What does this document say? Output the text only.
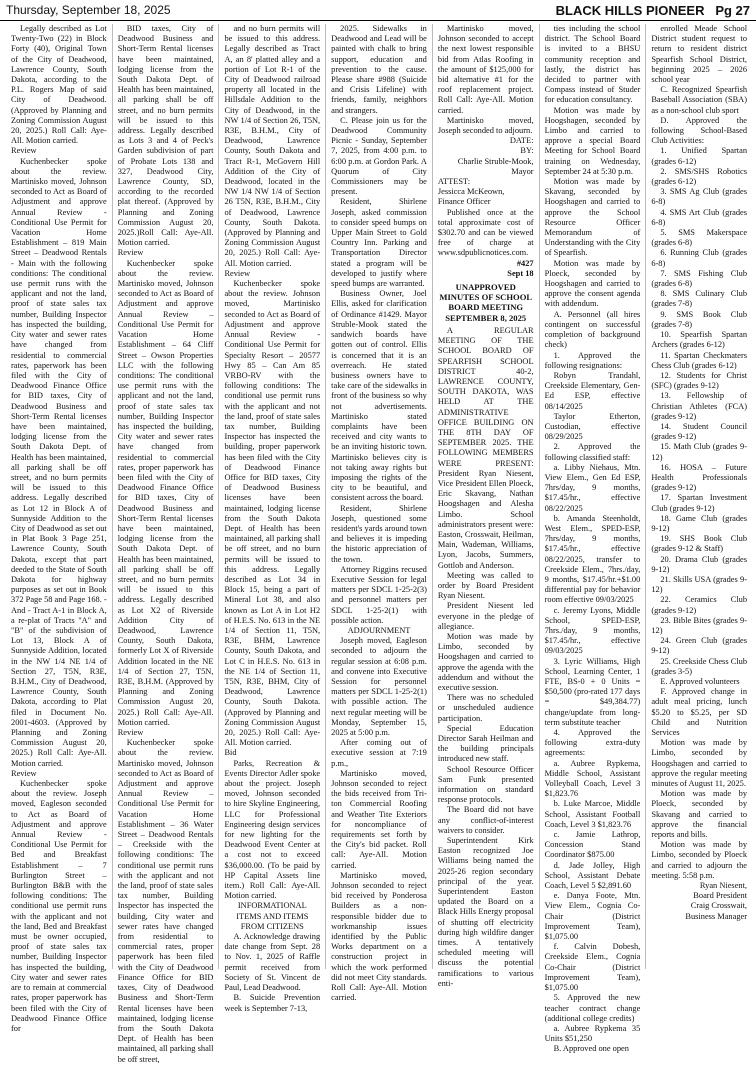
Thursday, September 18, 2025	BLACK HILLS PIONEER Pg 27

Legally described as Lot Twenty-Two (22) in Block Forty (40), Original Town of the City of Deadwood, Lawrence County, South Dakota, according to the P.L. Rogers Map of said City of Deadwood. (Approved by Planning and Zoning Commission August 20, 2025.) Roll Call: Aye-All. Motion carried.

Review

Kuchenbecker spoke about the review. Martinisko moved, Johnson seconded to Act as Board of Adjustment and approve Annual Review - Conditional Use Permit for Vacation Home Establishment – 819 Main Street – Deadwood Rentals - Main with the following conditions: The conditional use permit runs with the applicant and not the land, proof of state sales tax number, Building Inspector has inspected the building, City water and sewer rates have changed from residential to commercial rates, paperwork has been filed with the City of Deadwood Finance Office for BID taxes, City of Deadwood Business and Short-Term Rental licenses have been maintained, lodging license from the South Dakota Dept. of Health has been maintained, all parking shall be off street, and no burn permits will be issued to this address. Legally described as Lot 12 in Block A of Sunnyside Addition to the City of Deadwood as set out in Plat Book 3 Page 251, Lawrence County, South Dakota, except that part deeded to the State of South Dakota for highway purposes as set out in Book 372 Page 58 and Page 168. - And - Tract A-1 in Block A, a re-plat of Tracts "A" and "B" of the subdivision of Lot 13, Block A of Sunnyside Addition, located in the NW 1/4 NE 1/4 of Section 27, T5N, R3E, B.H.M., City of Deadwood, Lawrence County, South Dakota, according to Plat filed in Document No. 2001-4603. (Approved by Planning and Zoning Commission August 20, 2025.) Roll Call: Aye-All. Motion carried.

Review

Kuchenbecker spoke about the review. Joseph moved, Eagleson seconded to Act as Board of Adjustment and approve Annual Review - Conditional Use Permit for Bed and Breakfast Establishment – 7 Burlington Street – Burlington B&B with the following conditions: The conditional use permit runs with the applicant and not the land, Bed and Breakfast must be owner occupied, proof of state sales tax number, Building Inspector has inspected the building, City water and sewer rates are to remain at commercial rates, proper paperwork has been filed with the City of Deadwood Finance Office for

BID taxes, City of Deadwood Business and Short-Term Rental licenses have been maintained, lodging license from the South Dakota Dept. of Health has been maintained, all parking shall be off street, and no burn permits will be issued to this address. Legally described as Lots 3 and 4 of Peck's Garden subdivision of part of Probate Lots 138 and 327, Deadwood City, Lawrence County, SD, according to the recorded plat thereof. (Approved by Planning and Zoning Commission August 20, 2025.)Roll Call: Aye-All. Motion carried.

Review

Kuchenbecker spoke about the review. Martinisko moved, Johnson seconded to Act as Board of Adjustment and approve Annual Review – Conditional Use Permit for Vacation Home Establishment – 64 Cliff Street – Owson Properties LLC with the following conditions: The conditional use permit runs with the applicant and not the land, proof of state sales tax number, Building Inspector has inspected the building, City water and sewer rates have changed from residential to commercial rates, proper paperwork has been filed with the City of Deadwood Finance Office for BID taxes, City of Deadwood Business and Short-Term Rental licenses have been maintained, lodging license from the South Dakota Dept. of Health has been maintained, all parking shall be off street, and no burn permits will be issued to this address. Legally described as Lot X2 of Riverside Addition City of Deadwood, Lawrence County, South Dakota, formerly Lot X of Riverside Addition located in the NE 1/4 of Section 27, T5N, R3E, B.H.M. (Approved by Planning and Zoning Commission August 20, 2025.) Roll Call: Aye-All. Motion carried.

Review

Kuchenbecker spoke about the review. Martinisko moved, Johnson seconded to Act as Board of Adjustment and approve Annual Review – Conditional Use Permit for Vacation Home Establishment – 36 Water Street – Deadwood Rentals – Creekside with the following conditions: The conditional use permit runs with the applicant and not the land, proof of state sales tax number, Building Inspector has inspected the building, City water and sewer rates have changed from residential to commercial rates, proper paperwork has been filed with the City of Deadwood Finance Office for BID taxes, City of Deadwood Business and Short-Term Rental licenses have been maintained, lodging license from the South Dakota Dept. of Health has been maintained, all parking shall be off street,

and no burn permits will be issued to this address. Legally described as Tract A, an 8' platted alley and a portion of Lot R-1 of the City of Deadwood railroad property all located in the Hillsdale Addition to the City of Deadwood, in the NW 1/4 of Section 26, T5N, R3E, B.H.M., City of Deadwood, Lawrence County, South Dakota and Tract R-1, McGovern Hill Addition of the City of Deadwood, located in the NW 1/4 NW 1/4 of Section 26 T5N, R3E, B.H.M., City of Deadwood, Lawrence County, South Dakota. (Approved by Planning and Zoning Commission August 20, 2025.) Roll Call: Aye-All. Motion carried.

Review

Kuchenbecker spoke about the review. Johnson moved, Martinisko seconded to Act as Board of Adjustment and approve Annual Review - Conditional Use Permit for Specialty Resort – 20577 Hwy 85 – Can Am 85 VRBO-RV with the following conditions: The conditional use permit runs with the applicant and not the land, proof of state sales tax number, Building Inspector has inspected the building, proper paperwork has been filed with the City of Deadwood Finance Office for BID taxes, City of Deadwood Business licenses have been maintained, lodging license from the South Dakota Dept. of Health has been maintained, all parking shall be off street, and no burn permits will be issued to this address. Legally described as Lot 34 in Block 15, being a part of Mineral Lot 38, and also known as Lot A in Lot H2 of H.E.S. No. 613 in the NE 1/4 of Section 11, T5N, R3E, BHM, Lawrence County, South Dakota, and Lot C in H.E.S. No. 613 in the NE 1/4 of Section 11, T5N, R3E, BHM, City of Deadwood, Lawrence County, South Dakota. (Approved by Planning and Zoning Commission August 20, 2025.) Roll Call: Aye-All. Motion carried.

Bid

Parks, Recreation & Events Director Adler spoke about the project. Joseph moved, Johnson seconded to hire Skyline Engineering, LLC for Professional Engineering design services for new lighting for the Deadwood Event Center at a cost not to exceed $36,000.00. (To be paid by HP Capital Assets line item.) Roll Call: Aye-All. Motion carried.

INFORMATIONAL ITEMS AND ITEMS FROM CITIZENS

A. Acknowledge drawing date change from Sept. 28 to Nov. 1, 2025 of Raffle permit received from Society of St. Vincent de Paul, Lead Deadwood.

B. Suicide Prevention week is September 7-13,

2025. Sidewalks in Deadwood and Lead will be painted with chalk to bring support, education and prevention to the cause. Please share #988 (Suicide and Crisis Lifeline) with friends, family, neighbors and strangers.

C. Please join us for the Deadwood Community Picnic - Sunday, September 7, 2025, from 4:00 p.m. to 6:00 p.m. at Gordon Park. A Quorum of City Commissioners may be present.

Resident, Shirlene Joseph, asked commission to consider speed bumps on Upper Main Street to Gold Country Inn. Parking and Transportation Director stated a program will be developed to justify where speed bumps are warranted.

Business Owner, Joel Ellis, asked for clarification of Ordinance #1429. Mayor Struble-Mook stated the sandwich boards have gotten out of control. Ellis is concerned that it is an overreach. He stated business owners have to take care of the sidewalks in front of the business so why not advertisements. Martinisko stated complaints have been received and city wants to be an inviting historic town. Martinisko believes city is not taking away rights but imposing the rights of the city to be beautiful, and consistent across the board.

Resident, Shirlene Joseph, questioned some resident's yards around town and believes it is impeding the historic appreciation of the town.

Attorney Riggins recused Executive Session for legal matters per SDCL 1-25-2(3) and personnel matters per SDCL 1-25-2(1) with possible action.

ADJOURNMENT

Joseph moved, Eagleson seconded to adjourn the regular session at 6:08 p.m. and convene into Executive Session for personnel matters per SDCL 1-25-2(1) with possible action. The next regular meeting will be Monday, September 15, 2025 at 5:00 p.m.

After coming out of executive session at 7:19 p.m.,

Martinisko moved, Johnson seconded to reject the bids received from Tri-ton Commercial Roofing and Weather Tite Exteriors for noncompliance of requirements set forth by the City's bid packet. Roll call: Aye-All. Motion carried.

Martinisko moved, Johnson seconded to reject bid received by Ponderosa Builders as a non-responsible bidder due to workmanship issues identified by the Public Works department on a construction project in which the work performed did not meet City standards. Roll Call: Aye-All. Motion carried.

Martinisko moved, Johnson seconded to accept the next lowest responsible bid from Atlas Roofing in the amount of $125,000 for bid alternative #1 for the roof replacement project. Roll Call: Aye-All. Motion carried.

Martinisko moved, Joseph seconded to adjourn.

DATE:

BY:

Charlie Struble-Mook,

Mayor

ATTEST:

Jessicca McKeown,

Finance Officer

Published once at the total approximate cost of $302.70 and can be viewed free of charge at www.sdpublicnotices.com.

#427

Sept 18

UNAPPROVED MINUTES OF SCHOOL BOARD MEETING SEPTEMBER 8, 2025

A REGULAR MEETING OF THE SCHOOL BOARD OF SPEARFISH SCHOOL DISTRICT 40-2, LAWRENCE COUNTY, SOUTH DAKOTA, WAS HELD AT THE ADMINISTRATIVE OFFICE BUILDING ON THE 8TH DAY OF SEPTEMBER 2025. THE FOLLOWING MEMBERS WERE PRESENT: President Ryan Niesent, Vice President Ellen Ploeck, Eric Skavang, Nathan Hoogshagen and Alesha Limbo. School administrators present were: Easton, Crosswait, Heilman, Main, Wademan, Williams, Lyon, Jacobs, Summers, Gottlob and Anderson.

Meeting was called to order by Board President Ryan Niesent.

President Niesent led everyone in the pledge of allegiance.

Motion was made by Limbo, seconded by Hoogshagen and carried to approve the agenda with the addendum and without the executive session.

There was no scheduled or unscheduled audience participation.

Special Education Director Sarah Heilman and the building principals introduced new staff.

School Resource Officer Sam Funk presented information on standard response protocols.

The Board did not have any conflict-of-interest waivers to consider.

Superintendent Kirk Easton recognized Joe Williams being named the 2025-26 region secondary principal of the year. Superintendent Easton updated the Board on a Black Hills Energy proposal of shutting off electricity during high wildfire danger times. A tentatively scheduled meeting will discuss the potential ramifications to various enti-

ties including the school district. The School Board is invited to a BHSU community reception and lastly, the district has decided to partner with Compass instead of Studer for education consultancy.

Motion was made by Hoogshagen, seconded by Limbo and carried to approve a special Board Meeting for School Board training on Wednesday, September 24 at 5:30 p.m.

Motion was made by Skavang, seconded by Hoogshagen and carried to approve the School Resource Officer Memorandum of Understanding with the City of Spearfish.

Motion was made by Ploeck, seconded by Hoogshagen and carried to approve the consent agenda with addendum.

A. Personnel (all hires contingent on successful completion of background check)

1. Approved the following resignations:

Robyn Trandahl, Creekside Elementary, Gen-Ed ESP, effective 08/14/2025

Taylor Etherton, Custodian, effective 08/29/2025

2. Approved the following classified staff:

a. Libby Niehaus, Mtn. View Elem., Gen Ed ESP, 7hrs/day, 9 months, $17.45/hr., effective 08/22/2025

b. Amanda Steenholdt, West Elem., SPED-ESP, 7hrs/day, 9 months, $17.45/hr., effective 08/22/2025, transfer to Creekside Elem., 7hrs./day, 9 months, $17.45/hr.+$1.00 differential pay for behavior room effective 09/03/2025

c. Jeremy Lyons, Middle School, SPED-ESP, 7hrs./day, 9 months, $17.45/hr., effective 09/03/2025

3. Lyric Williams, High School, Learning Center, 1 FTE, BS-0 + 0 Units = $50,500 (pro-rated 177 days = $49,384.77) change/update from long-term substitute teacher

4. Approved the following extra-duty agreements:

a. Aubree Rypkema, Middle School, Assistant Volleyball Coach, Level 3 $1,823.76

b. Luke Marcoe, Middle School, Assistant Football Coach, Level 3 $1,823.76

c. Jamie Lathrop, Concession Stand Coordinator $875.00

d. Jade Jolley, High School, Assistant Debate Coach, Level 5 $2,891.60

e. Danya Foote, Mtn. View Elem., Cognia Co-Chair (District Improvement Team), $1,075.00

f. Calvin Dobesh, Creekside Elem., Cognia Co-Chair (District Improvement Team), $1,075.00

5. Approved the new teacher contract change (additional college credits)

a. Aubree Rypkema 35 Units $51,250

B. Approved one open

enrolled Meade School District student request to return to resident district Spearfish School District, beginning 2025 – 2026 school year

C. Recognized Spearfish Baseball Association (SBA) as a non-school club sport

D. Approved the following School-Based Club Activities:

1. Unified Spartan (grades 6-12)

2. SMS/SHS Robotics (grades 6-12)

3. SMS Ag Club (grades 6-8)

4. SMS Art Club (grades 6-8)

5. SMS Makerspace (grades 6-8)

6. Running Club (grades 6-8)

7. SMS Fishing Club (grades 6-8)

8. SMS Culinary Club (grades 7-8)

9. SMS Book Club (grades 7-8)

10. Spearfish Spartan Archers (grades 6-12)

11. Spartan Checkmaters Chess Club (grades 6-12)

12. Students for Christ (SFC) (grades 9-12)

13. Fellowship of Christian Athletes (FCA) (grades 9-12)

14. Student Council (grades 9-12)

15. Math Club (grades 9-12)

16. HOSA – Future Health Professionals (grades 9-12)

17. Spartan Investment Club (grades 9-12)

18. Game Club (grades 9-12)

19. SHS Book Club (grades 9-12 & Staff)

20. Drama Club (grades 9-12)

21. Skills USA (grades 9-12)

22. Ceramics Club (grades 9-12)

23. Bible Bites (grades 9-12)

24. Green Club (grades 9-12)

25. Creekside Chess Club (grades 3-5)

E. Approved volunteers

F. Approved change in adult meal pricing, lunch $5.20 to $5.25, per SD Child and Nutrition Services

Motion was made by Limbo, seconded by Hoogshagen and carried to approve the regular meeting minutes of August 11, 2025.

Motion was made by Ploeck, seconded by Skavang and carried to approve the financial reports and bills.

Motion was made by Limbo, seconded by Ploeck and carried to adjourn the meeting. 5:58 p.m.

Ryan Niesent,

Board President

Craig Crosswait,

Business Manager
